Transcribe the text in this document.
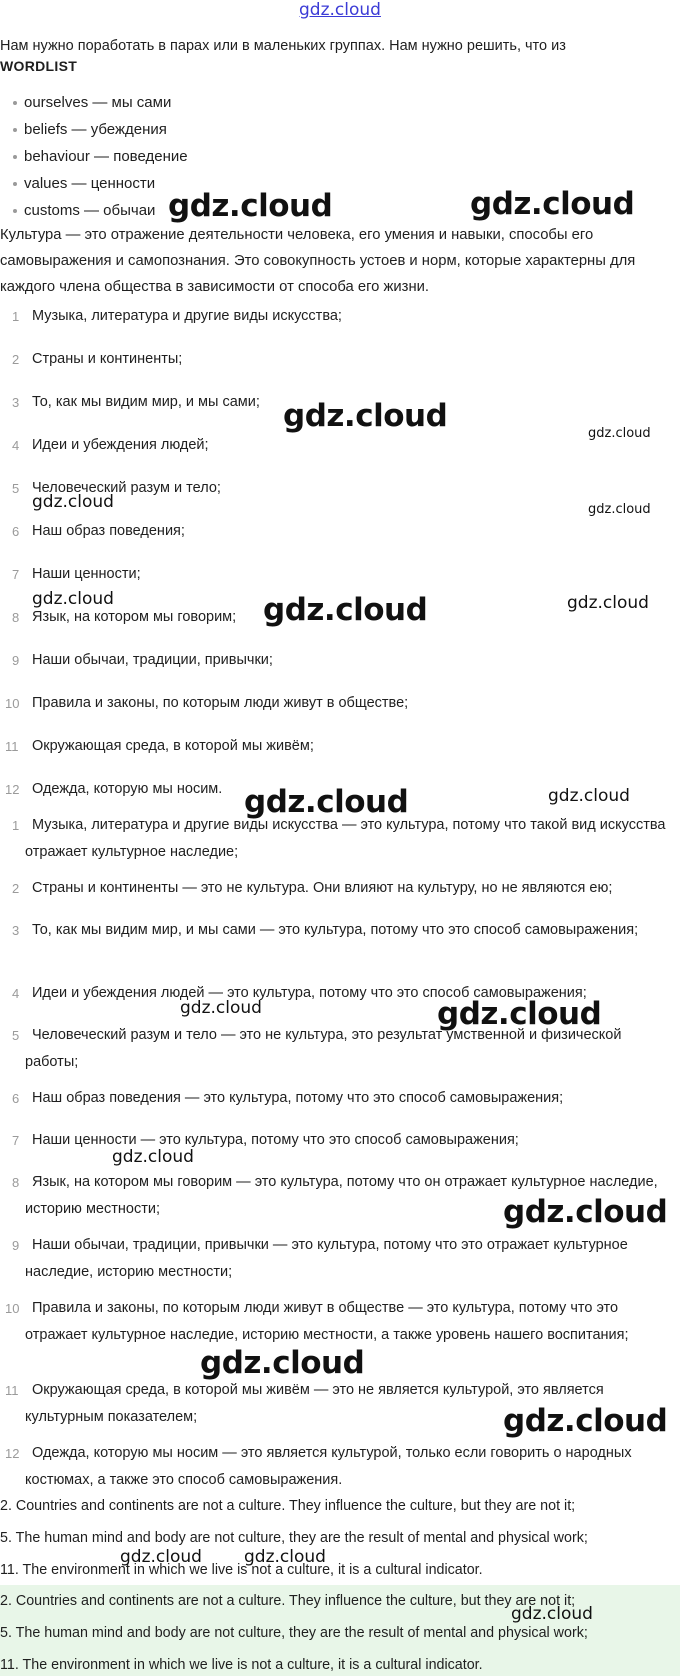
gdz.cloud
Нам нужно поработать в парах или в маленьких группах. Нам нужно решить, что из
WORDLIST
ourselves — мы сами
beliefs — убеждения
behaviour — поведение
values — ценности
customs — обычаи

Культура — это отражение деятельности человека, его умения и навыки, способы его самовыражения и самопознания. Это совокупность устоев и норм, которые характерны для каждого члена общества в зависимости от способа его жизни.

1 Музыка, литература и другие виды искусства;
2 Страны и континенты;
3 То, как мы видим мир, и мы сами;
4 Идеи и убеждения людей;
5 Человеческий разум и тело;
6 Наш образ поведения;
7 Наши ценности;
8 Язык, на котором мы говорим;
9 Наши обычаи, традиции, привычки;
10 Правила и законы, по которым люди живут в обществе;
11 Окружающая среда, в которой мы живём;
12 Одежда, которую мы носим.
1 Музыка, литература и другие виды искусства — это культура, потому что такой вид искусства отражает культурное наследие;
2 Страны и континенты — это не культура. Они влияют на культуру, но не являются ею;
3 То, как мы видим мир, и мы сами — это культура, потому что это способ самовыражения;
4 Идеи и убеждения людей — это культура, потому что это способ самовыражения;
5 Человеческий разум и тело — это не культура, это результат умственной и физической работы;
6 Наш образ поведения — это культура, потому что это способ самовыражения;
7 Наши ценности — это культура, потому что это способ самовыражения;
8 Язык, на котором мы говорим — это культура, потому что он отражает культурное наследие, историю местности;
9 Наши обычаи, традиции, привычки — это культура, потому что это отражает культурное наследие, историю местности;
10 Правила и законы, по которым люди живут в обществе — это культура, потому что это отражает культурное наследие, историю местности, а также уровень нашего воспитания;
11 Окружающая среда, в которой мы живём — это не является культурой, это является культурным показателем;
12 Одежда, которую мы носим — это является культурой, только если говорить о народных костюмах, а также это способ самовыражения.
2. Countries and continents are not a culture. They influence the culture, but they are not it;
5. The human mind and body are not culture, they are the result of mental and physical work;
11. The environment in which we live is not a culture, it is a cultural indicator.
2. Countries and continents are not a culture. They influence the culture, but they are not it;
5. The human mind and body are not culture, they are the result of mental and physical work;
11. The environment in which we live is not a culture, it is a cultural indicator.
gdz.cloud	gdz.cloud
gdz.cloud	gdz.cloud
gdz.cloud	gdz.cloud
gdz.cloud	gdz.cloud	gdz.cloud
gdz.cloud	gdz.cloud
gdz.cloud	gdz.cloud
gdz.cloud
gdz.cloud
gdz.cloud
gdz.cloud
gdz.cloud gdz.cloud
gdz.cloud
